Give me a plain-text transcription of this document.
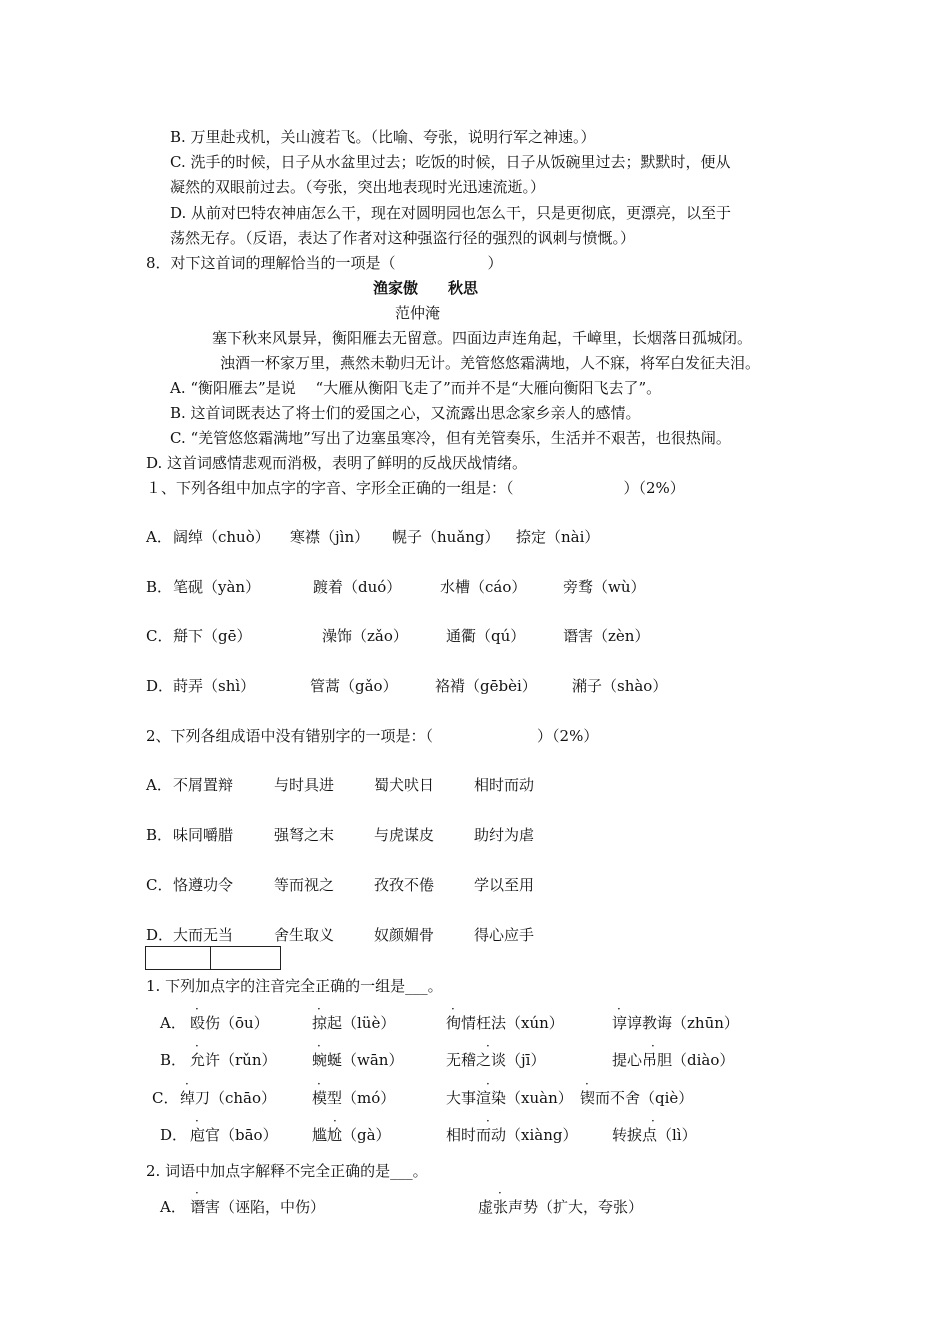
B. 万里赴戎机，关山渡若飞。（比喻、夸张，说明行军之神速。）
C. 洗手的时候，日子从水盆里过去；吃饭的时候，日子从饭碗里过去；默默时，便从
凝然的双眼前过去。（夸张，突出地表现时光迅速流逝。）
D. 从前对巴特农神庙怎么干，现在对圆明园也怎么干，只是更彻底，更漂亮，以至于
荡然无存。（反语，表达了作者对这种强盗行径的强烈的讽刺与愤慨。）
8．对下这首词的理解恰当的一项是（	）
渔家傲　　秋思
范仲淹
塞下秋来风景异，衡阳雁去无留意。四面边声连角起，千嶂里，长烟落日孤城闭。
浊酒一杯家万里，燕然未勒归无计。羌管悠悠霜满地，人不寐，将军白发征夫泪。
A. “衡阳雁去”是说　 “大雁从衡阳飞走了”而并不是“大雁向衡阳飞去了”。
B. 这首词既表达了将士们的爱国之心，又流露出思念家乡亲人的感情。
C. “羌管悠悠霜满地”写出了边塞虽寒冷，但有羌管奏乐，生活并不艰苦，也很热闹。
D. 这首词感情悲观而消极，表明了鲜明的反战厌战情绪。
１、下列各组中加点字的字音、字形全正确的一组是：（	）（2%）
A． 阔绰（chuò） 寒襟（jìn） 幌子（huǎng） 捺定（nài）
B． 笔砚（yàn）	踱着（duó）	水槽（cáo） 旁骛（wù）
C． 搿下（gē）	澡饰（zǎo）	通衢（qú）	谮害（zèn）
D． 莳弄（shì）	管蒿（gǎo） 袼褙（gēbèi） 潲子（shào）
2、下列各组成语中没有错别字的一项是：（	）（2%）
A． 不屑置辩	与时具进	蜀犬吠日	相时而动
B． 味同嚼腊	强弩之末	与虎谋皮	助纣为虐
C． 恪遵功令	等而视之	孜孜不倦	学以至用
D． 大而无当	舍生取义	奴颜媚骨	得心应手
1. 下列加点字的注音完全正确的一组是___。
A． 殴伤（ōu）	掠起（lüè）	徇情枉法（xún）	谆谆教诲（zhūn）
B． 允许（rǔn） 蜿蜒（wān）	无稽之谈（jī）	提心吊胆（diào）
C． 绰刀（chāo） 模型（mó）	大事渲染（xuàn） 锲而不舍（qiè）
D． 庖官（bāo） 尴尬（gà）	相时而动（xiàng） 转捩点（lì）
2. 词语中加点字解释不完全正确的是___。
A． 谮害（诬陷，中伤）	虚张声势（扩大，夸张）
·	·	·	·
·	·	·	·
·	·	·	·
·	·	·	·
·	·
